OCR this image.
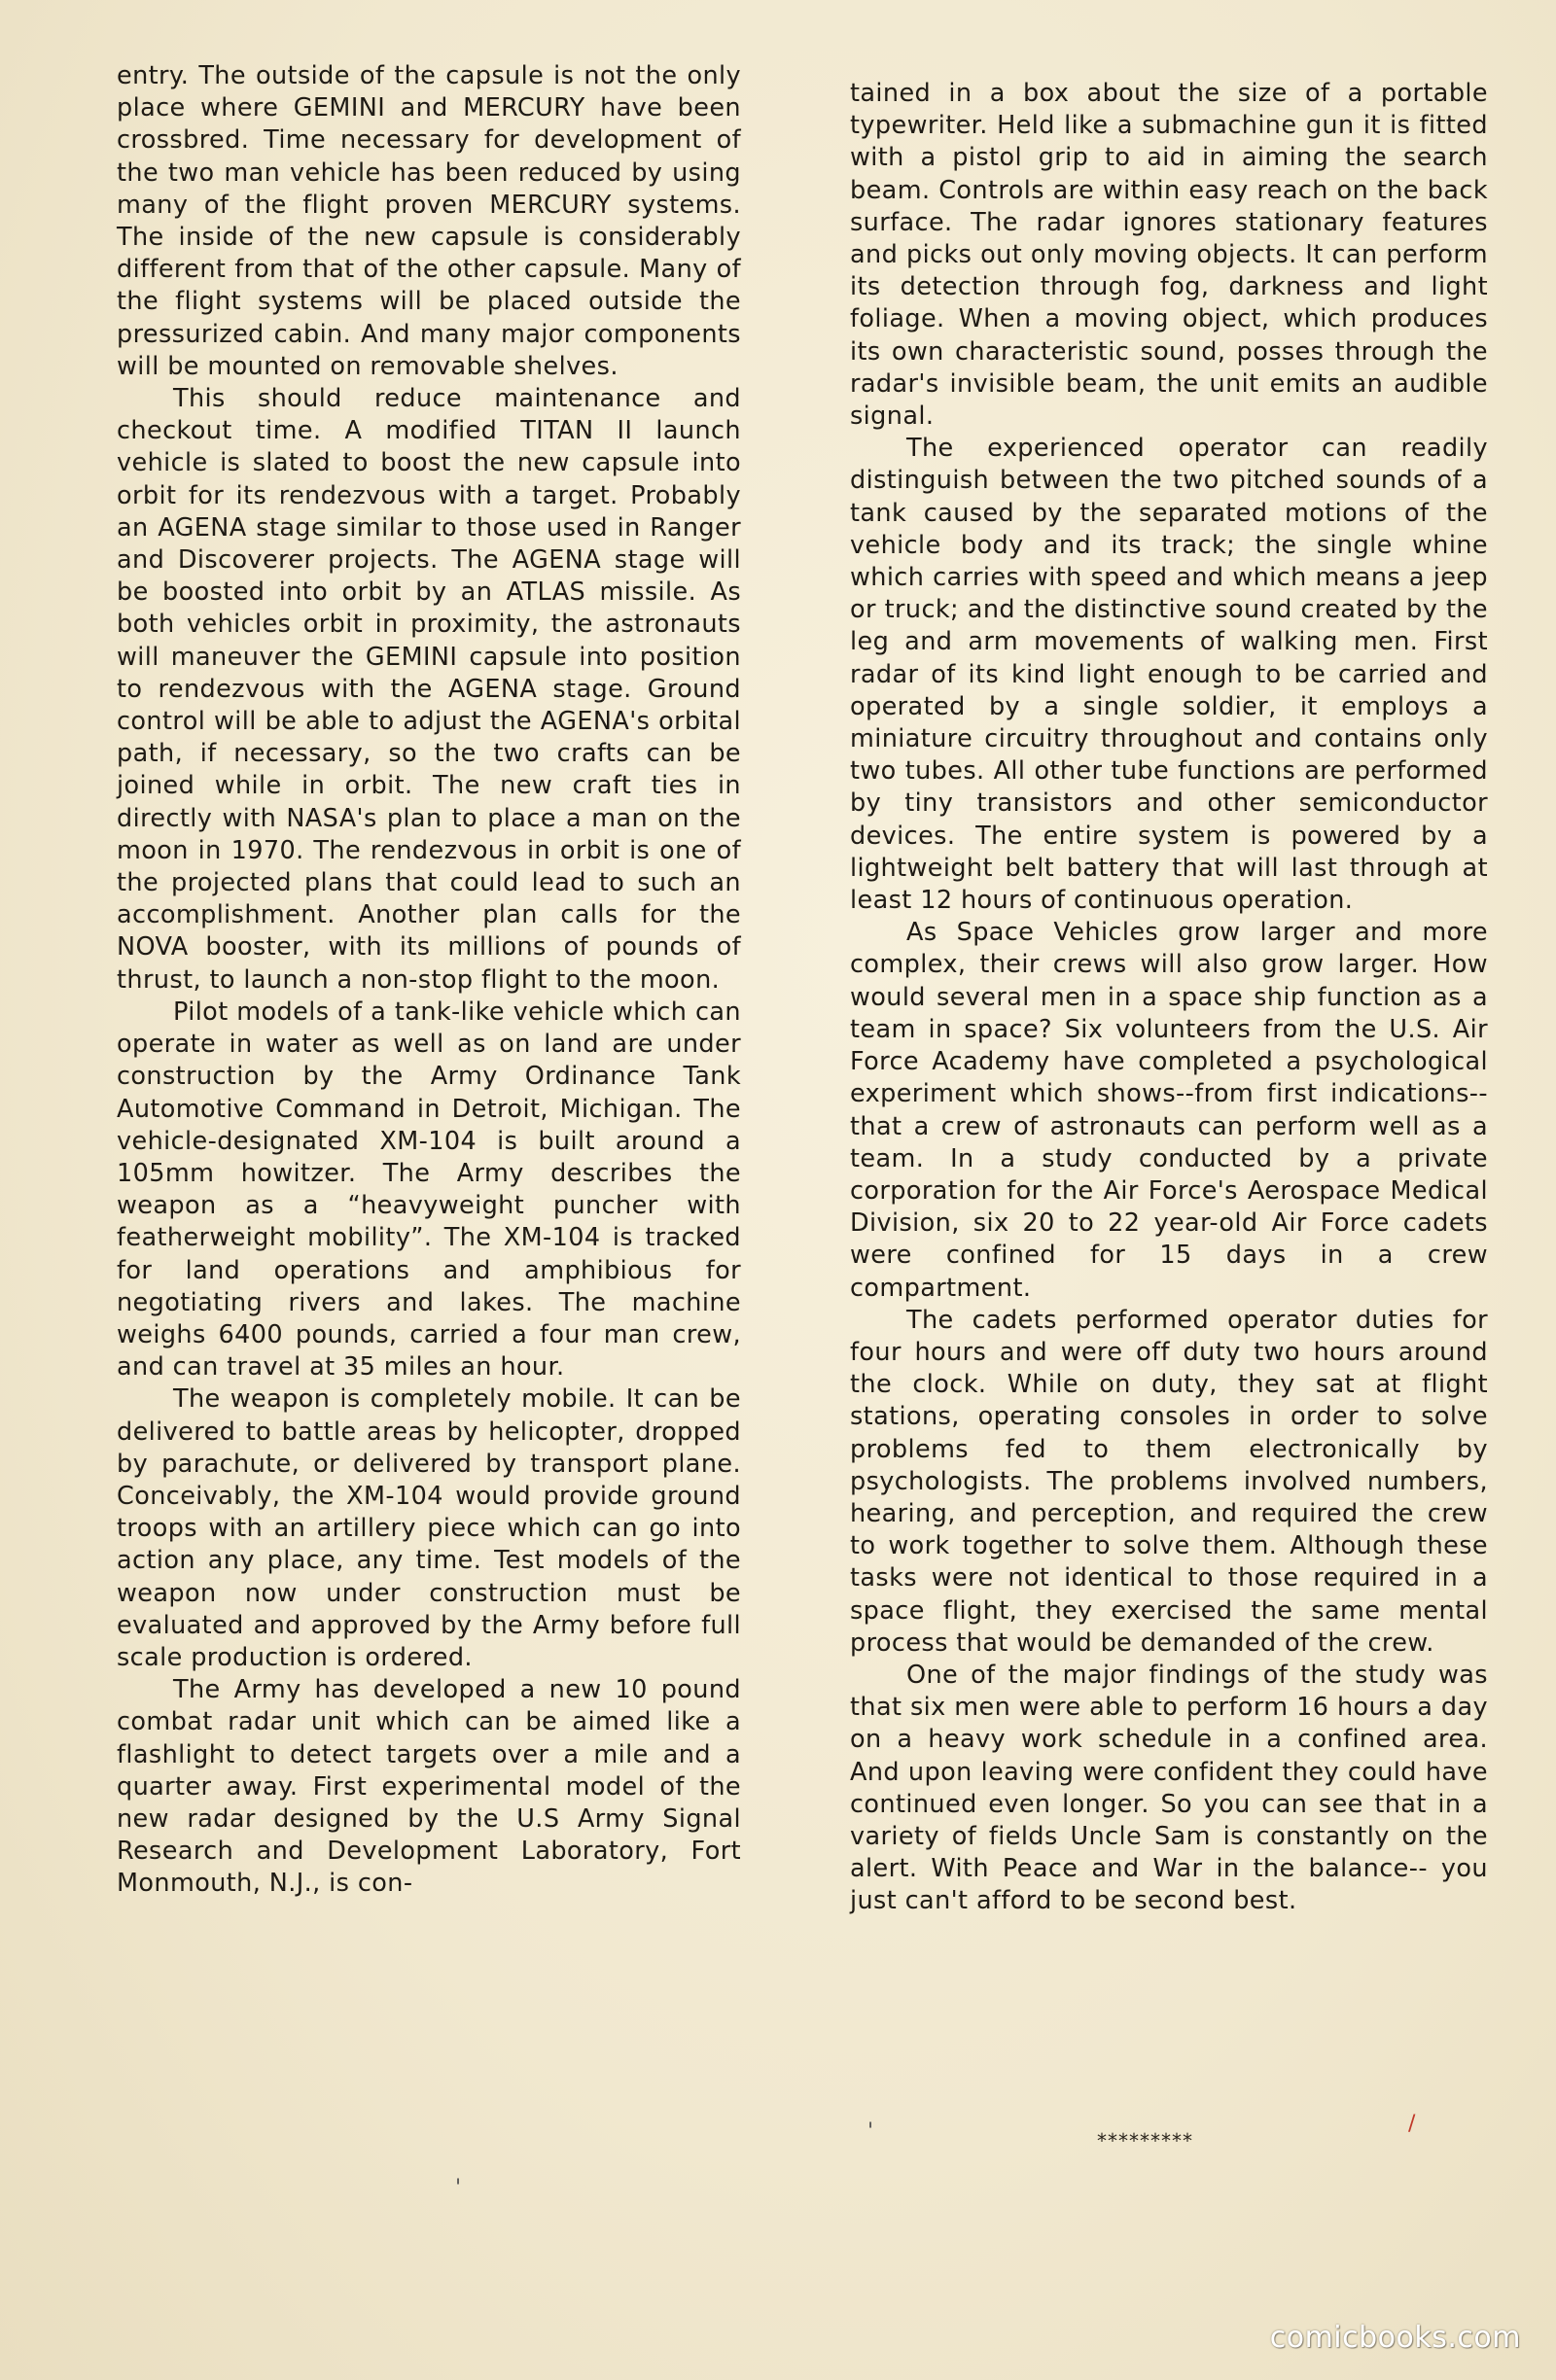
entry. The outside of the capsule is not the only place where GEMINI and MERCURY have been crossbred. Time necessary for development of the two man vehicle has been reduced by using many of the flight proven MERCURY systems. The inside of the new capsule is considerably different from that of the other capsule. Many of the flight systems will be placed outside the pressurized cabin. And many major components will be mounted on removable shelves.

This should reduce maintenance and checkout time. A modified TITAN II launch vehicle is slated to boost the new capsule into orbit for its rendezvous with a target. Probably an AGENA stage similar to those used in Ranger and Discoverer projects. The AGENA stage will be boosted into orbit by an ATLAS missile. As both vehicles orbit in proximity, the astronauts will maneuver the GEMINI capsule into position to rendezvous with the AGENA stage. Ground control will be able to adjust the AGENA's orbital path, if necessary, so the two crafts can be joined while in orbit. The new craft ties in directly with NASA's plan to place a man on the moon in 1970. The rendezvous in orbit is one of the projected plans that could lead to such an accomplishment. Another plan calls for the NOVA booster, with its millions of pounds of thrust, to launch a non-stop flight to the moon.

Pilot models of a tank-like vehicle which can operate in water as well as on land are under construction by the Army Ordinance Tank Automotive Command in Detroit, Michigan. The vehicle-designated XM-104 is built around a 105mm howitzer. The Army describes the weapon as a “heavyweight puncher with featherweight mobility”. The XM-104 is tracked for land operations and amphibious for negotiating rivers and lakes. The machine weighs 6400 pounds, carried a four man crew, and can travel at 35 miles an hour.

The weapon is completely mobile. It can be delivered to battle areas by helicopter, dropped by parachute, or delivered by transport plane. Conceivably, the XM-104 would provide ground troops with an artillery piece which can go into action any place, any time. Test models of the weapon now under construction must be evaluated and approved by the Army before full scale production is ordered.

The Army has developed a new 10 pound combat radar unit which can be aimed like a flashlight to detect targets over a mile and a quarter away. First experimental model of the new radar designed by the U.S Army Signal Research and Development Laboratory, Fort Monmouth, N.J., is con-

tained in a box about the size of a portable typewriter. Held like a submachine gun it is fitted with a pistol grip to aid in aiming the search beam. Controls are within easy reach on the back surface. The radar ignores stationary features and picks out only moving objects. It can perform its detection through fog, darkness and light foliage. When a moving object, which produces its own characteristic sound, posses through the radar's invisible beam, the unit emits an audible signal.

The experienced operator can readily distinguish between the two pitched sounds of a tank caused by the separated motions of the vehicle body and its track; the single whine which carries with speed and which means a jeep or truck; and the distinctive sound created by the leg and arm movements of walking men. First radar of its kind light enough to be carried and operated by a single soldier, it employs a miniature circuitry throughout and contains only two tubes. All other tube functions are performed by tiny transistors and other semiconductor devices. The entire system is powered by a lightweight belt battery that will last through at least 12 hours of continuous operation.

As Space Vehicles grow larger and more complex, their crews will also grow larger. How would several men in a space ship function as a team in space? Six volunteers from the U.S. Air Force Academy have completed a psychological experiment which shows--from first indications--that a crew of astronauts can perform well as a team. In a study conducted by a private corporation for the Air Force's Aerospace Medical Division, six 20 to 22 year-old Air Force cadets were confined for 15 days in a crew compartment.

The cadets performed operator duties for four hours and were off duty two hours around the clock. While on duty, they sat at flight stations, operating consoles in order to solve problems fed to them electronically by psychologists. The problems involved numbers, hearing, and perception, and required the crew to work together to solve them. Although these tasks were not identical to those required in a space flight, they exercised the same mental process that would be demanded of the crew.

One of the major findings of the study was that six men were able to perform 16 hours a day on a heavy work schedule in a confined area. And upon leaving were confident they could have continued even longer. So you can see that in a variety of fields Uncle Sam is constantly on the alert. With Peace and War in the balance-- you just can't afford to be second best.

*********
'
'	/
comicbooks.com
